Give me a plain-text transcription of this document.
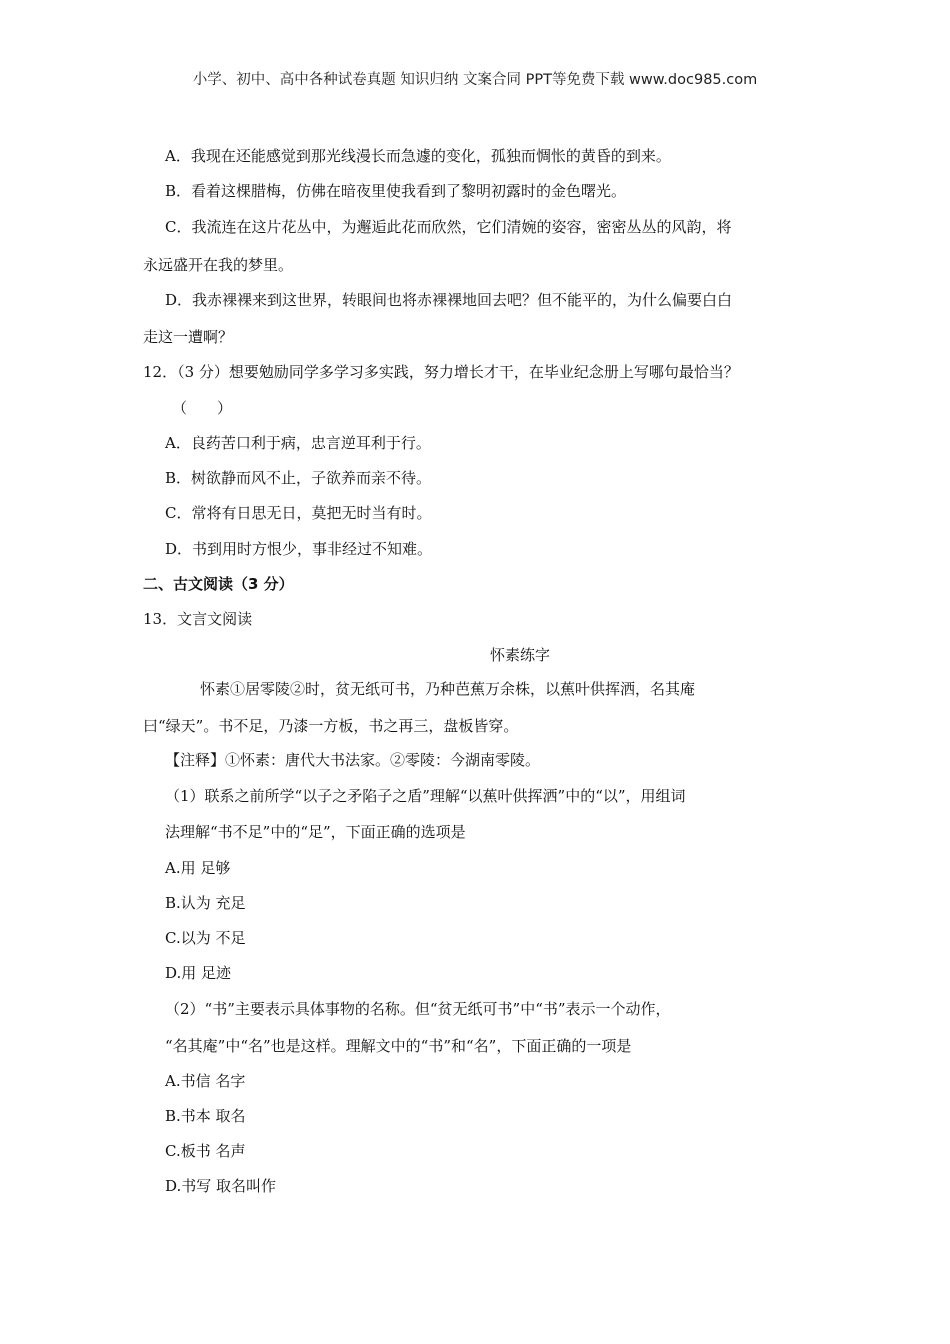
小学、初中、高中各种试卷真题 知识归纳 文案合同 PPT等免费下载 www.doc985.com
A．我现在还能感觉到那光线漫长而急遽的变化，孤独而惆怅的黄昏的到来。
B．看着这棵腊梅，仿佛在暗夜里使我看到了黎明初露时的金色曙光。
C．我流连在这片花丛中，为邂逅此花而欣然，它们清婉的姿容，密密丛丛的风韵，将
永远盛开在我的梦里。
D．我赤裸裸来到这世界，转眼间也将赤裸裸地回去吧？但不能平的，为什么偏要白白
走这一遭啊？
12．（3 分）想要勉励同学多学习多实践，努力增长才干，在毕业纪念册上写哪句最恰当？
（　　）
A．良药苦口利于病，忠言逆耳利于行。
B．树欲静而风不止，子欲养而亲不待。
C．常将有日思无日，莫把无时当有时。
D．书到用时方恨少，事非经过不知难。
二、古文阅读（3 分）
13．文言文阅读
怀素练字
怀素①居零陵②时，贫无纸可书，乃种芭蕉万余株，以蕉叶供挥洒，名其庵
曰“绿天”。书不足，乃漆一方板，书之再三，盘板皆穿。
【注释】①怀素：唐代大书法家。②零陵：今湖南零陵。
（1）联系之前所学“以子之矛陷子之盾”理解“以蕉叶供挥洒”中的“以”，用组词
法理解“书不足”中的“足”，下面正确的选项是
A.用 足够
B.认为 充足
C.以为 不足
D.用 足迹
（2）“书”主要表示具体事物的名称。但“贫无纸可书”中“书”表示一个动作，
“名其庵”中“名”也是这样。理解文中的“书”和“名”，下面正确的一项是
A.书信 名字
B.书本 取名
C.板书 名声
D.书写 取名叫作
